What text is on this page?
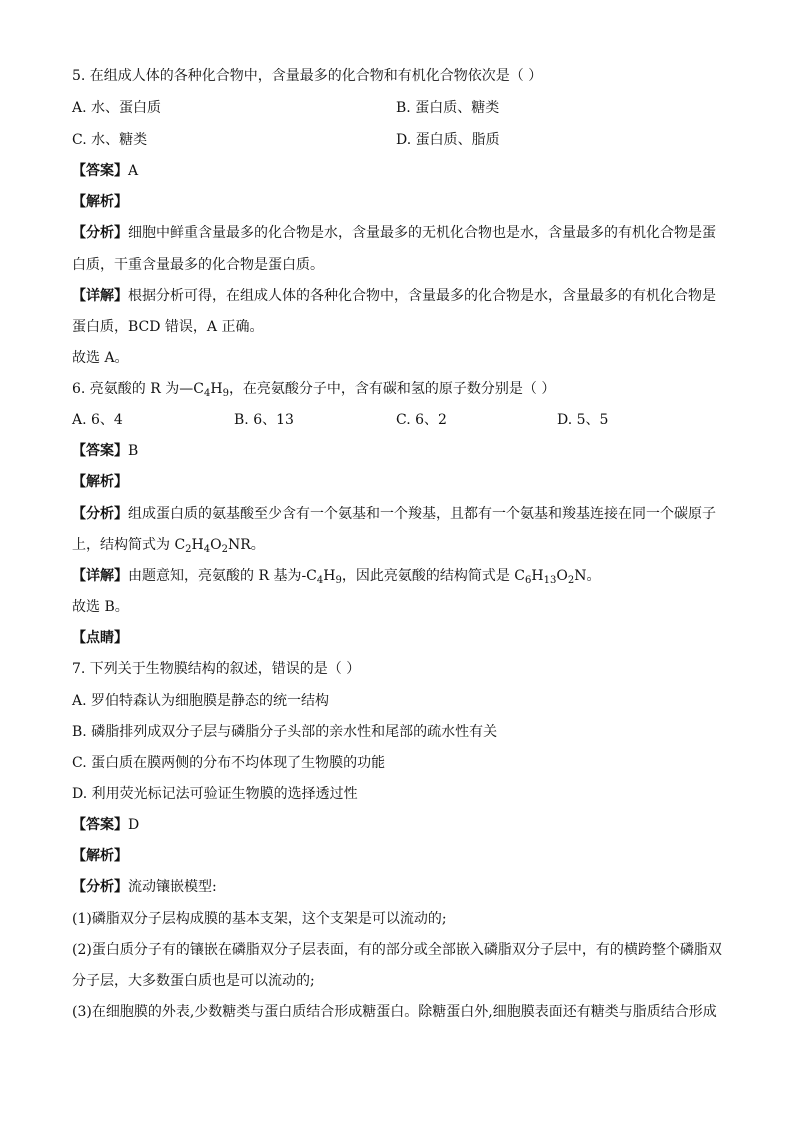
5. 在组成人体的各种化合物中，含量最多的化合物和有机化合物依次是（ ）
A. 水、蛋白质	B. 蛋白质、糖类
C. 水、糖类	D. 蛋白质、脂质
【答案】A
【解析】
【分析】细胞中鲜重含量最多的化合物是水，含量最多的无机化合物也是水，含量最多的有机化合物是蛋
白质，干重含量最多的化合物是蛋白质。
【详解】根据分析可得，在组成人体的各种化合物中，含量最多的化合物是水，含量最多的有机化合物是
蛋白质，BCD 错误，A 正确。
故选 A。
6. 亮氨酸的 R 为$—C_4H_9$，在亮氨酸分子中，含有碳和氢的原子数分别是（ ）
A. 6、4	B. 6、13	C. 6、2	D. 5、5
【答案】B
【解析】
【分析】组成蛋白质的氨基酸至少含有一个氨基和一个羧基，且都有一个氨基和羧基连接在同一个碳原子
上，结构简式为 $C_2H_4O_2NR$。
【详解】由题意知，亮氨酸的 R 基为$-C_4H_9$，因此亮氨酸的结构简式是 $C_6H_{13}O_2N$。
故选 B。
【点睛】
7. 下列关于生物膜结构的叙述，错误的是（ ）
A. 罗伯特森认为细胞膜是静态的统一结构
B. 磷脂排列成双分子层与磷脂分子头部的亲水性和尾部的疏水性有关
C. 蛋白质在膜两侧的分布不均体现了生物膜的功能
D. 利用荧光标记法可验证生物膜的选择透过性
【答案】D
【解析】
【分析】流动镶嵌模型:
(1)磷脂双分子层构成膜的基本支架，这个支架是可以流动的;
(2)蛋白质分子有的镶嵌在磷脂双分子层表面，有的部分或全部嵌入磷脂双分子层中，有的横跨整个磷脂双
分子层，大多数蛋白质也是可以流动的;
(3)在细胞膜的外表,少数糖类与蛋白质结合形成糖蛋白。除糖蛋白外,细胞膜表面还有糖类与脂质结合形成
